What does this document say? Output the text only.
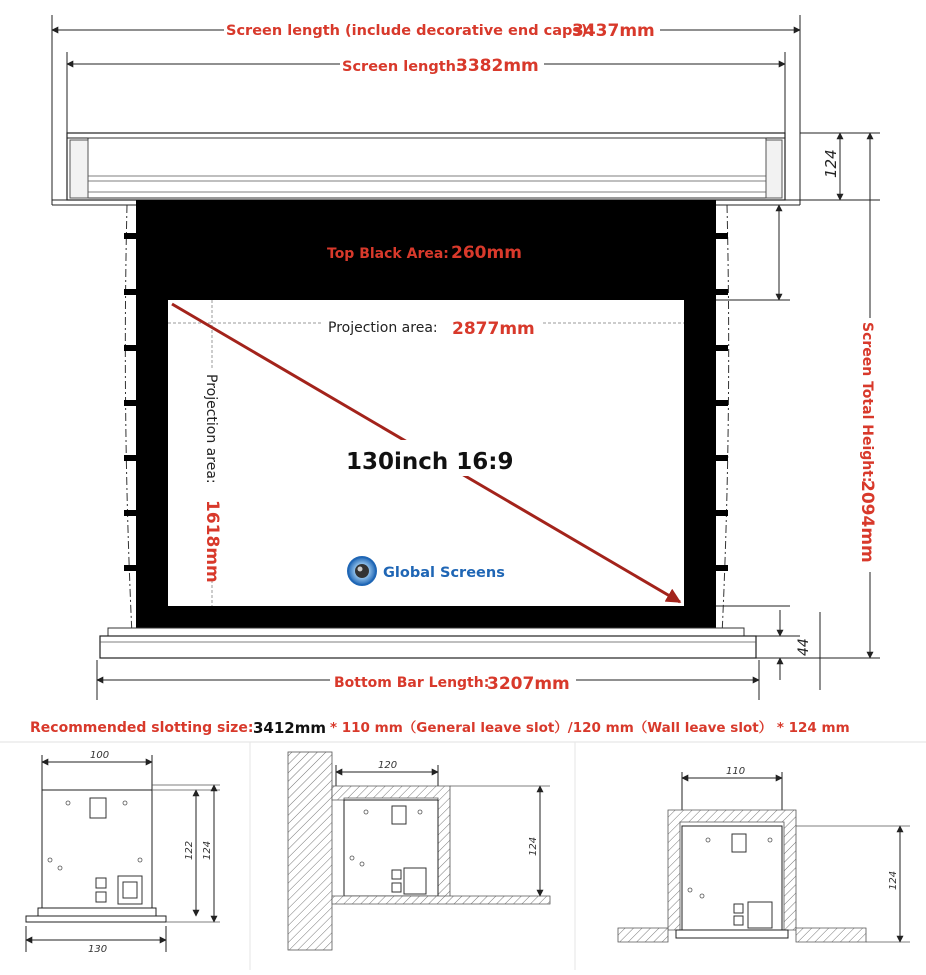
Screen length (include decorative end caps):
3437mm
Screen length:
3382mm
124
Top Black Area: 260mm
Projection area: 2877mm
Projection area:
1618mm
130inch 16:9
Global Screens
Screen Total Height:
2094mm
44
Bottom Bar Length:
3207mm
Recommended slotting size: 3412mm * 110 mm（General leave slot）/120 mm（Wall leave slot） * 124 mm
100
122 124
130
120
124
110
124
